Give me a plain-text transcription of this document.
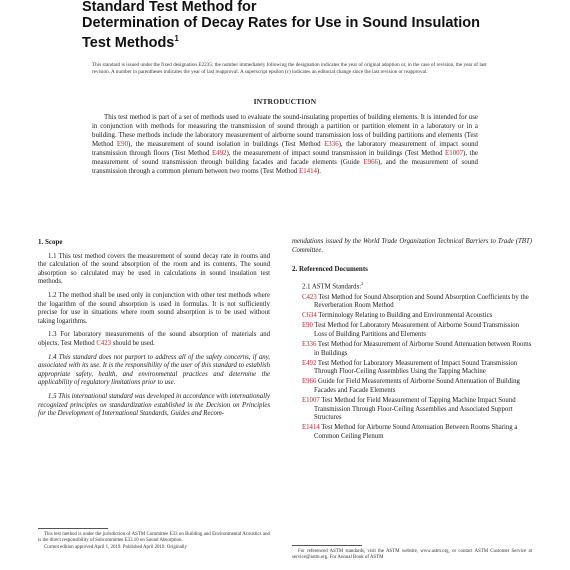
Standard Test Method for
Determination of Decay Rates for Use in Sound Insulation
Test Methods$^1$
This standard is issued under the fixed designation E2235; the number immediately following the designation indicates the year of original adoption or, in the case of revision, the year of last revision. A number in parentheses indicates the year of last reapproval. A superscript epsilon (ε) indicates an editorial change since the last revision or reapproval.
INTRODUCTION
This test method is part of a set of methods used to evaluate the sound-insulating properties of building elements. It is intended for use in conjunction with methods for measuring the transmission of sound through a partition or partition element in a laboratory or in a building. These methods include the laboratory measurement of airborne sound transmission loss of building partitions and elements (Test Method E90), the measurement of sound isolation in buildings (Test Method E336), the laboratory measurement of impact sound transmission through floors (Test Method E492), the measurement of impact sound transmission in buildings (Test Method E1007), the measurement of sound transmission through building facades and facade elements (Guide E966), and the measurement of sound transmission through a common plenum between two rooms (Test Method E1414).
1. Scope

1.1 This test method covers the measurement of sound decay rate in rooms and the calculation of the sound absorption of the room and its contents. The sound absorption so calculated may be used in calculations in sound insulation test methods.

1.2 The method shall be used only in conjunction with other test methods where the logarithm of the sound absorption is used in formulas. It is not sufficiently precise for use in situations where room sound absorption is to be used without taking logarithms.

1.3 For laboratory measurements of the sound absorption of materials and objects, Test Method C423 should be used.

1.4 This standard does not purport to address all of the safety concerns, if any, associated with its use. It is the responsibility of the user of this standard to establish appropriate safety, health, and environmental practices and determine the applicability of regulatory limitations prior to use.

1.5 This international standard was developed in accordance with internationally recognized principles on standardization established in the Decision on Principles for the Development of International Standards, Guides and Recom-

mendations issued by the World Trade Organization Technical Barriers to Trade (TBT) Committee.

2. Referenced Documents
2.1 ASTM Standards:$^2$
C423 Test Method for Sound Absorption and Sound Absorption Coefficients by the Reverberation Room Method
C634 Terminology Relating to Building and Environmental Acoustics
E90 Test Method for Laboratory Measurement of Airborne Sound Transmission Loss of Building Partitions and Elements
E336 Test Method for Measurement of Airborne Sound Attenuation between Rooms in Buildings
E492 Test Method for Laboratory Measurement of Impact Sound Transmission Through Floor-Ceiling Assemblies Using the Tapping Machine
E966 Guide for Field Measurements of Airborne Sound Attenuation of Building Facades and Facade Elements
E1007 Test Method for Field Measurement of Tapping Machine Impact Sound Transmission Through Floor-Ceiling Assemblies and Associated Support Structures
E1414 Test Method for Airborne Sound Attenuation Between Rooms Sharing a Common Ceiling Plenum

This test method is under the jurisdiction of ASTM Committee E33 on Building and Environmental Acoustics and is the direct responsibility of Subcommittee E33.10 on Sound Absorption.

Current edition approved April 1, 2019. Published April 2019. Originally

For referenced ASTM standards, visit the ASTM website, www.astm.org, or contact ASTM Customer Service at service@astm.org. For Annual Book of ASTM
